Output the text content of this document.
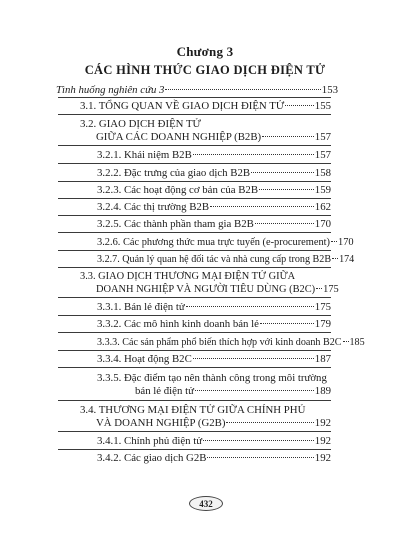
Chương 3
CÁC HÌNH THỨC GIAO DỊCH ĐIỆN TỬ
Tình huống nghiên cứu 3	153
3.1. TỔNG QUAN VỀ GIAO DỊCH ĐIỆN TỬ	155
3.2. GIAO DỊCH ĐIỆN TỬ
GIỮA CÁC DOANH NGHIỆP (B2B)	157
3.2.1. Khái niệm B2B	157
3.2.2. Đặc trưng của giao dịch B2B	158
3.2.3. Các hoạt động cơ bản của B2B	159
3.2.4. Các thị trường B2B	162
3.2.5. Các thành phần tham gia B2B	170
3.2.6. Các phương thức mua trực tuyến (e-procurement) 170
3.2.7. Quản lý quan hệ đối tác và nhà cung cấp trong B2B 174
3.3. GIAO DỊCH THƯƠNG MẠI ĐIỆN TỬ GIỮA
DOANH NGHIỆP VÀ NGƯỜI TIÊU DÙNG (B2C) 175
3.3.1. Bán lẻ điện tử	175
3.3.2. Các mô hình kinh doanh bán lẻ	179
3.3.3. Các sản phẩm phổ biến thích hợp với kinh doanh B2C 185
3.3.4. Hoạt động B2C	187
3.3.5. Đặc điểm tạo nên thành công trong môi trường
bán lẻ điện tử	189
3.4. THƯƠNG MẠI ĐIỆN TỬ GIỮA CHÍNH PHỦ
VÀ DOANH NGHIỆP (G2B)	192
3.4.1. Chính phủ điện tử	192
3.4.2. Các giao dịch G2B	192
432
